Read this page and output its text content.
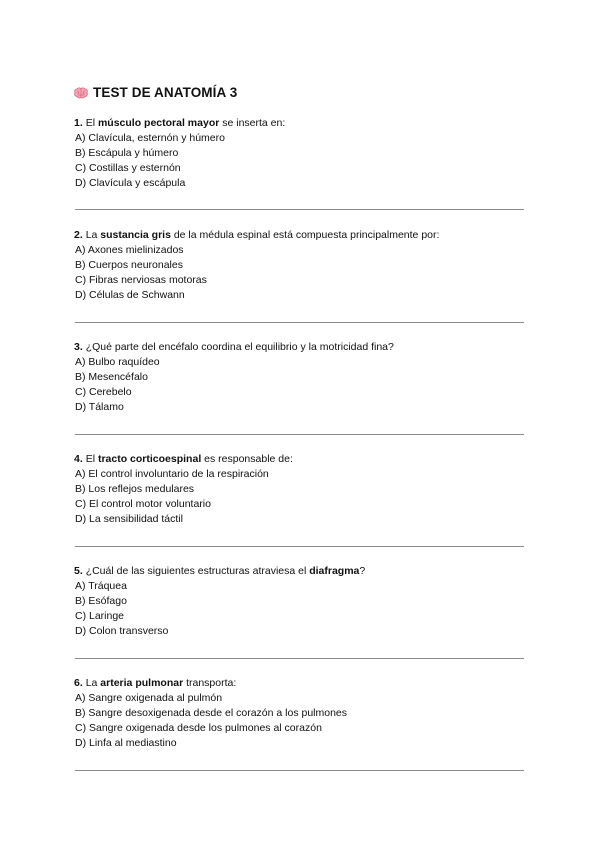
TEST DE ANATOMÍA 3

1. El músculo pectoral mayor se inserta en:

A) Clavícula, esternón y húmero

B) Escápula y húmero

C) Costillas y esternón

D) Clavícula y escápula

2. La sustancia gris de la médula espinal está compuesta principalmente por:

A) Axones mielinizados

B) Cuerpos neuronales

C) Fibras nerviosas motoras

D) Células de Schwann

3. ¿Qué parte del encéfalo coordina el equilibrio y la motricidad fina?

A) Bulbo raquídeo

B) Mesencéfalo

C) Cerebelo

D) Tálamo

4. El tracto corticoespinal es responsable de:

A) El control involuntario de la respiración

B) Los reflejos medulares

C) El control motor voluntario

D) La sensibilidad táctil

5. ¿Cuál de las siguientes estructuras atraviesa el diafragma?

A) Tráquea

B) Esófago

C) Laringe

D) Colon transverso

6. La arteria pulmonar transporta:

A) Sangre oxigenada al pulmón

B) Sangre desoxigenada desde el corazón a los pulmones

C) Sangre oxigenada desde los pulmones al corazón

D) Linfa al mediastino
